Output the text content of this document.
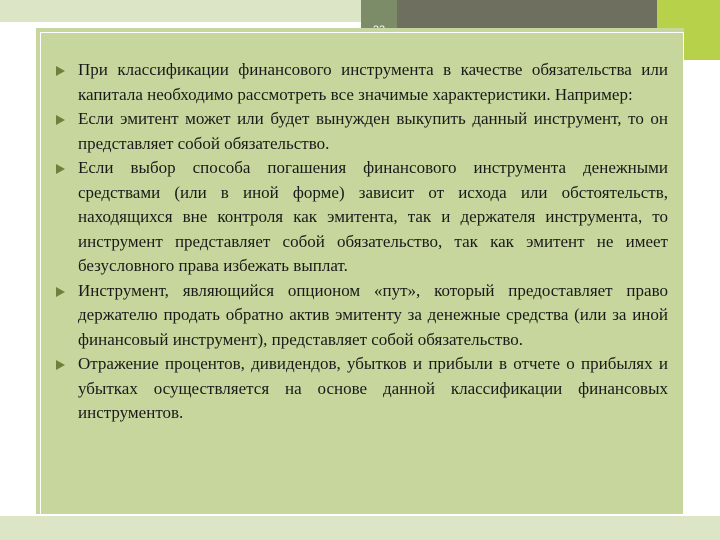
При классификации финансового инструмента в качестве обязательства или капитала необходимо рассмотреть все значимые характеристики. Например:
Если эмитент может или будет вынужден выкупить данный инструмент, то он представляет собой обязательство.
Если выбор способа погашения финансового инструмента денежными средствами (или в иной форме) зависит от исхода или обстоятельств, находящихся вне контроля как эмитента, так и держателя инструмента, то инструмент представляет собой обязательство, так как эмитент не имеет безусловного права избежать выплат.
Инструмент, являющийся опционом «пут», который предоставляет право держателю продать обратно актив эмитенту за денежные средства (или за иной финансовый инструмент), представляет собой обязательство.
Отражение процентов, дивидендов, убытков и прибыли в отчете о прибылях и убытках осуществляется на основе данной классификации финансовых инструментов.
